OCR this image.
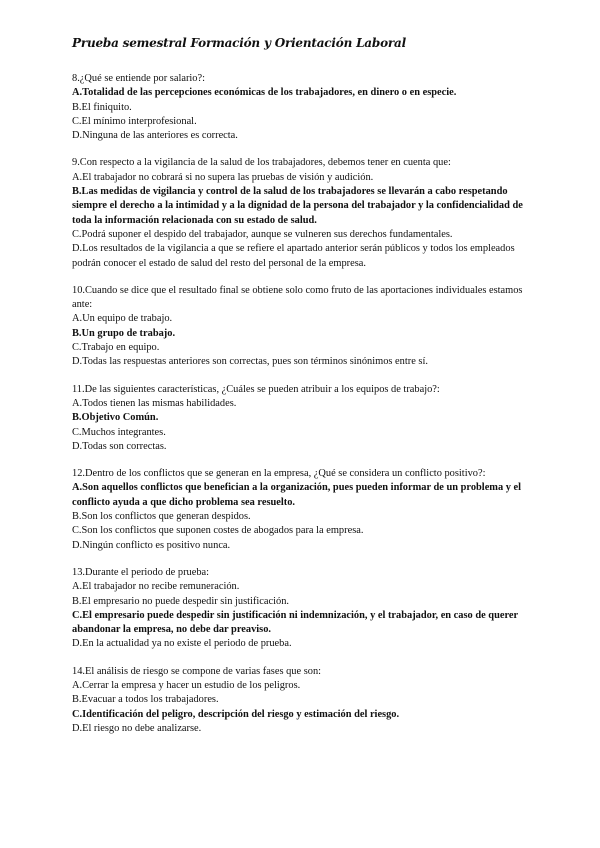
Prueba semestral Formación y Orientación Laboral
8.¿Qué se entiende por salario?:
A.Totalidad de las percepciones económicas de los trabajadores, en dinero o en especie.
B.El finiquito.
C.El mínimo interprofesional.
D.Ninguna de las anteriores es correcta.
9.Con respecto a la vigilancia de la salud de los trabajadores, debemos tener en cuenta que:
A.El trabajador no cobrará si no supera las pruebas de visión y audición.
B.Las medidas de vigilancia y control de la salud de los trabajadores se llevarán a cabo respetando siempre el derecho a la intimidad y a la dignidad de la persona del trabajador y la confidencialidad de toda la información relacionada con su estado de salud.
C.Podrá suponer el despido del trabajador, aunque se vulneren sus derechos fundamentales.
D.Los resultados de la vigilancia a que se refiere el apartado anterior serán públicos y todos los empleados podrán conocer el estado de salud del resto del personal de la empresa.
10.Cuando se dice que el resultado final se obtiene solo como fruto de las aportaciones individuales estamos ante:
A.Un equipo de trabajo.
B.Un grupo de trabajo.
C.Trabajo en equipo.
D.Todas las respuestas anteriores son correctas, pues son términos sinónimos entre sí.
11.De las siguientes características, ¿Cuáles se pueden atribuir a los equipos de trabajo?:
A.Todos tienen las mismas habilidades.
B.Objetivo Común.
C.Muchos integrantes.
D.Todas son correctas.
12.Dentro de los conflictos que se generan en la empresa, ¿Qué se considera un conflicto positivo?:
A.Son aquellos conflictos que benefician a la organización, pues pueden informar de un problema y el conflicto ayuda a que dicho problema sea resuelto.
B.Son los conflictos que generan despidos.
C.Son los conflictos que suponen costes de abogados para la empresa.
D.Ningún conflicto es positivo nunca.
13.Durante el periodo de prueba:
A.El trabajador no recibe remuneración.
B.El empresario no puede despedir sin justificación.
C.El empresario puede despedir sin justificación ni indemnización, y el trabajador, en caso de querer abandonar la empresa, no debe dar preaviso.
D.En la actualidad ya no existe el periodo de prueba.
14.El análisis de riesgo se compone de varias fases que son:
A.Cerrar la empresa y hacer un estudio de los peligros.
B.Evacuar a todos los trabajadores.
C.Identificación del peligro, descripción del riesgo y estimación del riesgo.
D.El riesgo no debe analizarse.
